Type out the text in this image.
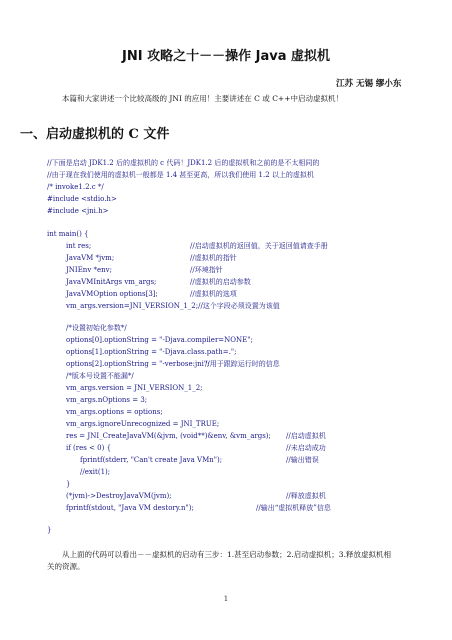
JNI 攻略之十－－操作 Java 虚拟机
江苏 无锡 缪小东
本篇和大家讲述一个比较高级的 JNI 的应用！主要讲述在 C 或 C++中启动虚拟机！
一、启动虚拟机的 C 文件
//下面是启动 JDK1.2 后的虚拟机的 c 代码！JDK1.2 后的虚拟机和之前的是不太相同的
//由于现在我们使用的虚拟机一般都是 1.4 甚至更高，所以我们使用 1.2 以上的虚拟机
/* invoke1.2.c */
#include <stdio.h>
#include <jni.h>
int main() {
int res;	//启动虚拟机的返回值，关于返回值请查手册
JavaVM *jvm;	//虚拟机的指针
JNIEnv *env;	//环境指针
JavaVMInitArgs vm_args;	//虚拟机的启动参数
JavaVMOption options[3];	//虚拟机的选项
vm_args.version=JNI_VERSION_1_2;//这个字段必须设置为该值
/*设置初始化参数*/
options[0].optionString = "-Djava.compiler=NONE";
options[1].optionString = "-Djava.class.path=.";
options[2].optionString = "-verbose:jni";
//用于跟踪运行时的信息
/*版本号设置不能漏*/
vm_args.version = JNI_VERSION_1_2;
vm_args.nOptions = 3;
vm_args.options = options;
vm_args.ignoreUnrecognized = JNI_TRUE;
res = JNI_CreateJavaVM(&jvm, (void**)&env, &vm_args); //启动虚拟机
if (res < 0) {	//未启动成功
fprintf(stderr, "Can't create Java VMn");	//输出错误
//exit(1);
}
(*jvm)->DestroyJavaVM(jvm);	//释放虚拟机
fprintf(stdout, "Java VM destory.n");	//输出“虚拟机释放”信息
}
从上面的代码可以看出－－虚拟机的启动有三步：1.甚至启动参数；2.启动虚拟机；3.释放虚拟机相
关的资源。
1
